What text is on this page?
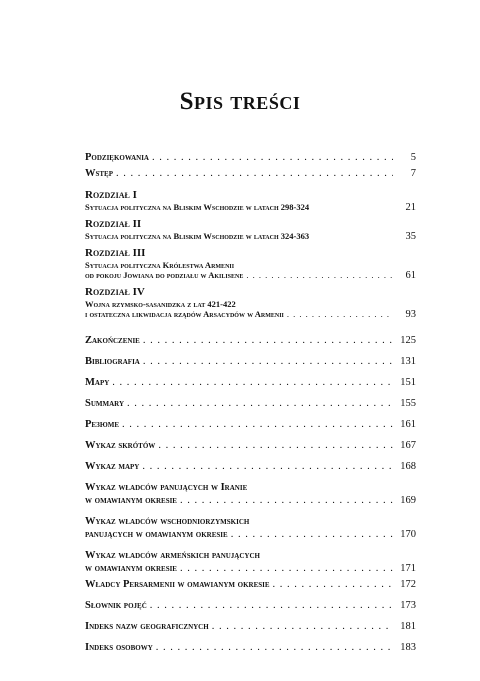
Spis treści
Podziękowania . . .	5
Wstęp . . .	7
Rozdział I
Sytuacja polityczna na Bliskim Wschodzie w latach 298-324	21
Rozdział II
Sytuacja polityczna na Bliskim Wschodzie w latach 324-363	35
Rozdział III
Sytuacja polityczna Królestwa Armenii
od pokoju Jowiana do podziału w Akilisene . . .	61
Rozdział IV
Wojna rzymsko-sasanidzka z lat 421-422
i ostateczna likwidacja rządów Arsacydów w Armenii . . .	93
Zakończenie . . .	125
Bibliografia . . .	131
Mapy . . .	151
Summary . . .	155
Резюме . . .	161
Wykaz skrótów . . .	167
Wykaz mapy . . .	168
Wykaz władców panujących w Iranie
w omawianym okresie . . .	169
Wykaz władców wschodniorzymskich
panujących w omawianym okresie . . .	170
Wykaz władców armeńskich panujących
w omawianym okresie . . .	171
Władcy Persarmenii w omawianym okresie . . .	172
Słownik pojęć . . .	173
Indeks nazw geograficznych . . .	181
Indeks osobowy . . .	183
